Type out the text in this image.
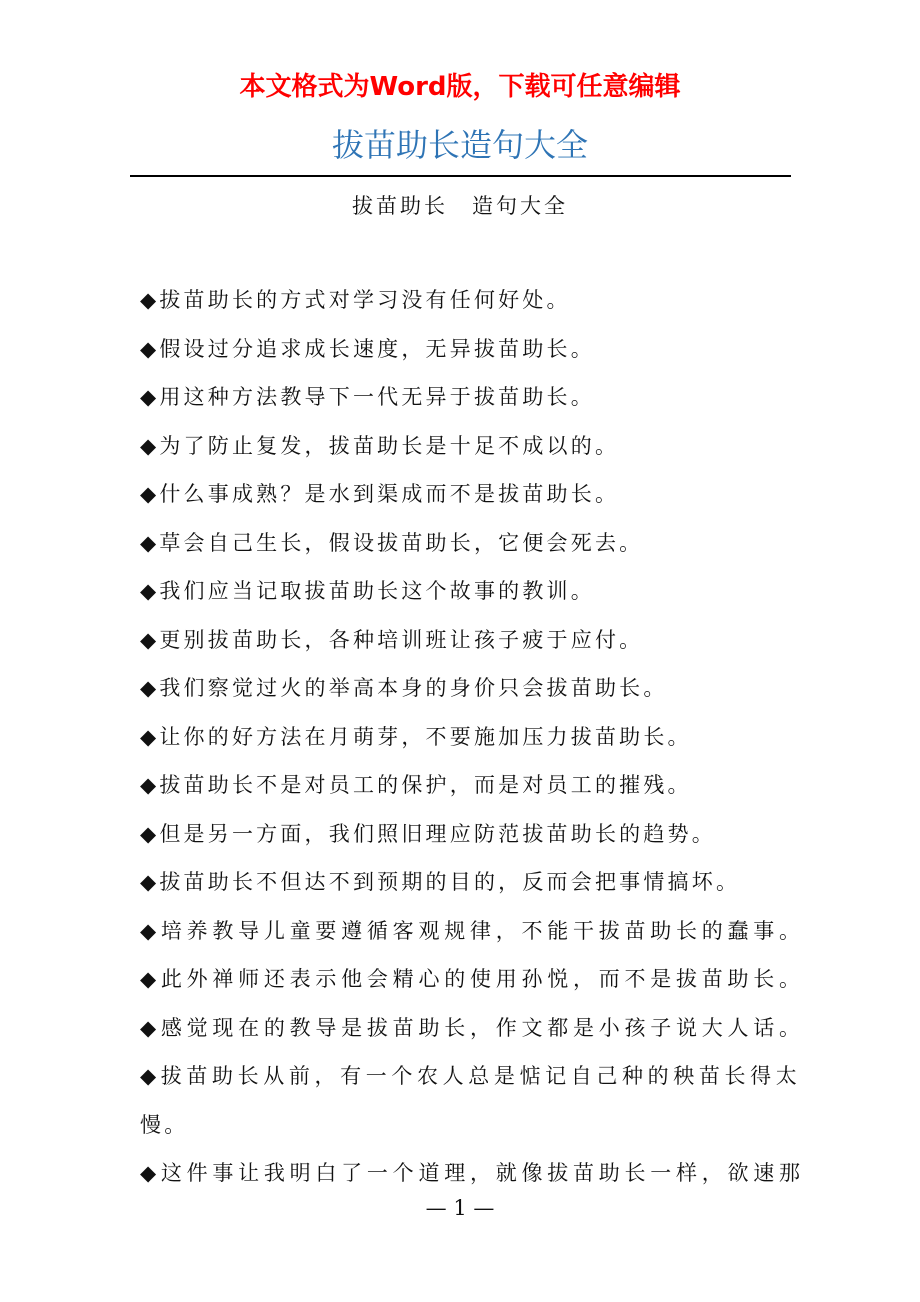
本文格式为Word版，下载可任意编辑
拔苗助长造句大全
拔苗助长 造句大全

◆拔苗助长的方式对学习没有任何好处。

◆假设过分追求成长速度，无异拔苗助长。

◆用这种方法教导下一代无异于拔苗助长。

◆为了防止复发，拔苗助长是十足不成以的。

◆什么事成熟？是水到渠成而不是拔苗助长。

◆草会自己生长，假设拔苗助长，它便会死去。

◆我们应当记取拔苗助长这个故事的教训。

◆更别拔苗助长，各种培训班让孩子疲于应付。

◆我们察觉过火的举高本身的身价只会拔苗助长。

◆让你的好方法在月萌芽，不要施加压力拔苗助长。

◆拔苗助长不是对员工的保护，而是对员工的摧残。

◆但是另一方面，我们照旧理应防范拔苗助长的趋势。

◆拔苗助长不但达不到预期的目的，反而会把事情搞坏。

◆培养教导儿童要遵循客观规律，不能干拔苗助长的蠢事。

◆此外禅师还表示他会精心的使用孙悦，而不是拔苗助长。

◆感觉现在的教导是拔苗助长，作文都是小孩子说大人话。

◆拔苗助长从前，有一个农人总是惦记自己种的秧苗长得太慢。

◆这件事让我明白了一个道理，就像拔苗助长一样，欲速那

— 1 —
